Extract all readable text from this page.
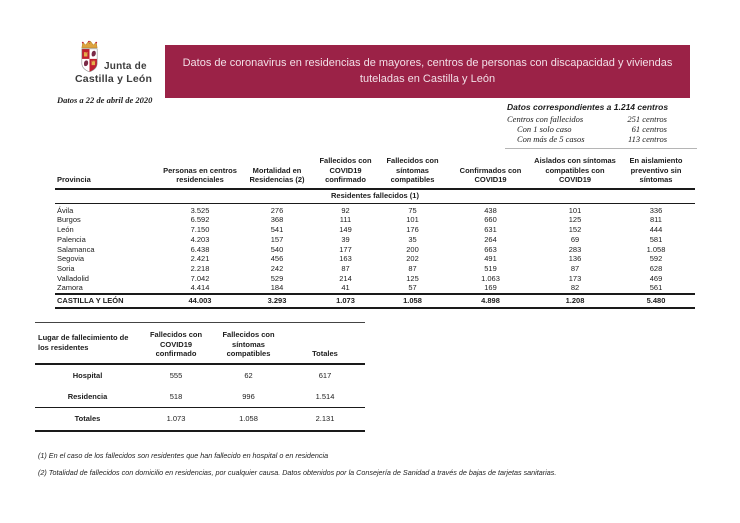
Junta de
Castilla y León
Datos a 22 de abril de 2020
Datos de coronavirus en residencias de mayores, centros de personas con discapacidad y viviendas tuteladas en Castilla y León
Datos correspondientes a 1.214 centros
Centros con fallecidos	251 centros
Con 1 solo caso	61 centros
Con más de 5 casos	113 centros
Provincia	Personas en centros residenciales	Mortalidad en Residencias (2)	Fallecidos con COVID19 confirmado	Fallecidos con síntomas compatibles	Confirmados con COVID19	Aislados con síntomas compatibles con COVID19	En aislamiento preventivo sin síntomas
Residentes fallecidos (1)							
Ávila	3.525	276	92	75	438	101	336
Burgos	6.592	368	111	101	660	125	811
León	7.150	541	149	176	631	152	444
Palencia	4.203	157	39	35	264	69	581
Salamanca	6.438	540	177	200	663	283	1.058
Segovia	2.421	456	163	202	491	136	592
Soria	2.218	242	87	87	519	87	628
Valladolid	7.042	529	214	125	1.063	173	469
Zamora	4.414	184	41	57	169	82	561
CASTILLA Y LEÓN	44.003	3.293	1.073	1.058	4.898	1.208	5.480
Lugar de fallecimiento de los residentes	Fallecidos con COVID19 confirmado	Fallecidos con síntomas compatibles	Totales
Hospital	555	62	617
Residencia	518	996	1.514
Totales	1.073	1.058	2.131

(1) En el caso de los fallecidos son residentes que han fallecido en hospital o en residencia

(2) Totalidad de fallecidos con domicilio en residencias, por cualquier causa. Datos obtenidos por la Consejería de Sanidad a través de bajas de tarjetas sanitarias.
